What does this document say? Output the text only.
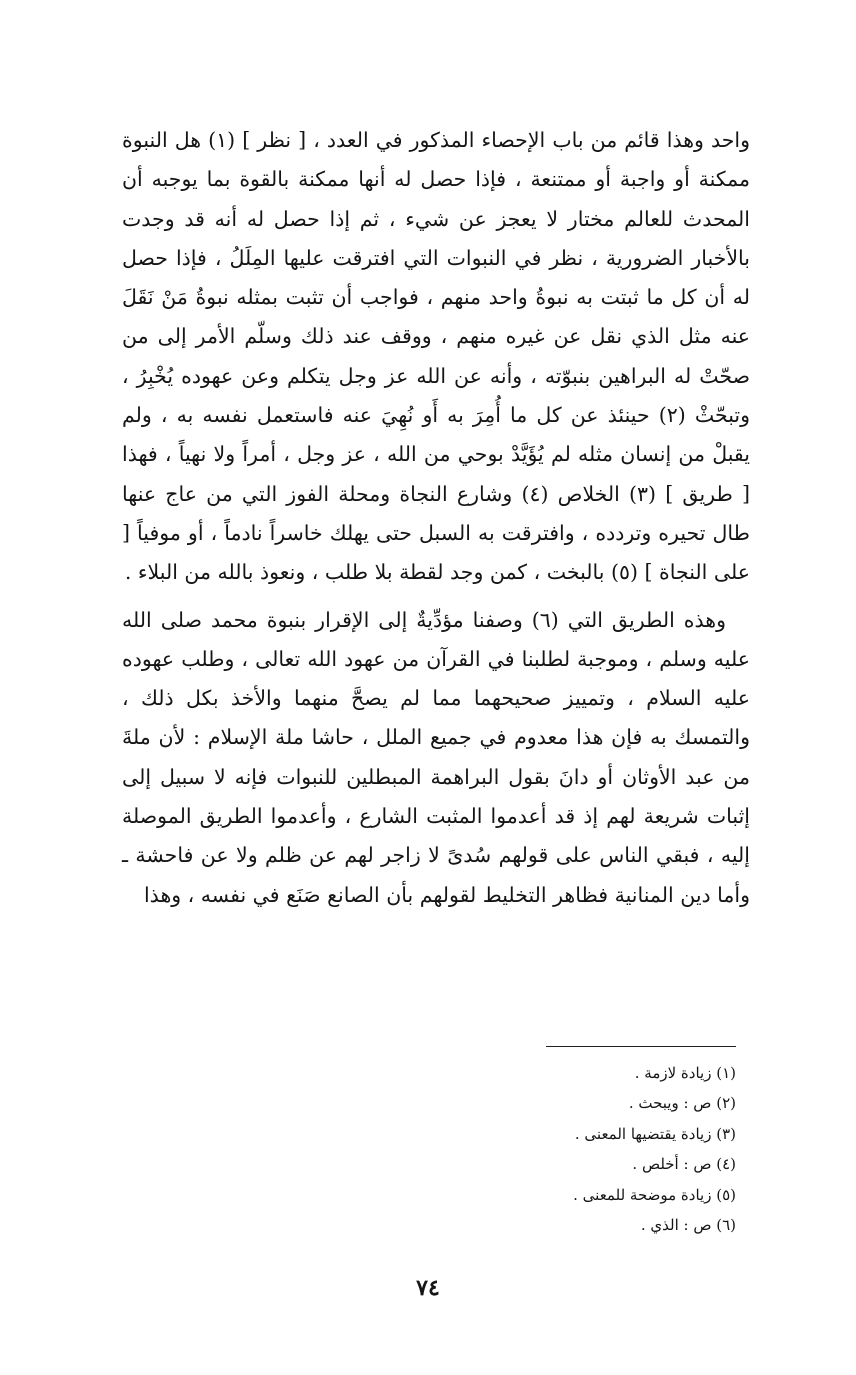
واحد وهذا قائم من باب الإحصاء المذكور في العدد ، [ نظر ] (١) هل النبوة ممكنة أو واجبة أو ممتنعة ، فإذا حصل له أنها ممكنة بالقوة بما يوجبه أن المحدث للعالم مختار لا يعجز عن شيء ، ثم إذا حصل له أنه قد وجدت بالأخبار الضرورية ، نظر في النبوات التي افترقت عليها المِلَلُ ، فإذا حصل له أن كل ما ثبتت به نبوةُ واحد منهم ، فواجب أن تثبت بمثله نبوةُ مَنْ نَقَلَ عنه مثل الذي نقل عن غيره منهم ، ووقف عند ذلك وسلّم الأمر إلى من صحّتْ له البراهين بنبوّته ، وأنه عن الله عز وجل يتكلم وعن عهوده يُخْبِرُ ، وتبحّثْ (٢) حينئذ عن كل ما أُمِرَ به أَو نُهِيَ عنه فاستعمل نفسه به ، ولم يقبلْ من إنسان مثله لم يُؤَيَّدْ بوحي من الله ، عز وجل ، أمراً ولا نهياً ، فهذا [ طريق ] (٣) الخلاص (٤) وشارع النجاة ومحلة الفوز التي من عاج عنها طال تحيره وتردده ، وافترقت به السبل حتى يهلك خاسراً نادماً ، أو موفياً [ على النجاة ] (٥) بالبخت ، كمن وجد لقطة بلا طلب ، ونعوذ بالله من البلاء .

وهذه الطريق التي (٦) وصفنا مؤدِّيةٌ إلى الإقرار بنبوة محمد صلى الله عليه وسلم ، وموجبة لطلبنا في القرآن من عهود الله تعالى ، وطلب عهوده عليه السلام ، وتمييز صحيحهما مما لم يصحَّ منهما والأخذ بكل ذلك ، والتمسك به فإن هذا معدوم في جميع الملل ، حاشا ملة الإسلام : لأن ملةَ من عبد الأوثان أو دانَ بقول البراهمة المبطلين للنبوات فإنه لا سبيل إلى إثبات شريعة لهم إذ قد أعدموا المثبت الشارع ، وأعدموا الطريق الموصلة إليه ، فبقي الناس على قولهم سُدىً لا زاجر لهم عن ظلم ولا عن فاحشة ـ وأما دين المنانية فظاهر التخليط لقولهم بأن الصانع صَنَع في نفسه ، وهذا

(١) زيادة لازمة .
(٢) ص : ويبحث .
(٣) زيادة يقتضيها المعنى .
(٤) ص : أخلص .
(٥) زيادة موضحة للمعنى .
(٦) ص : الذي .
٧٤
